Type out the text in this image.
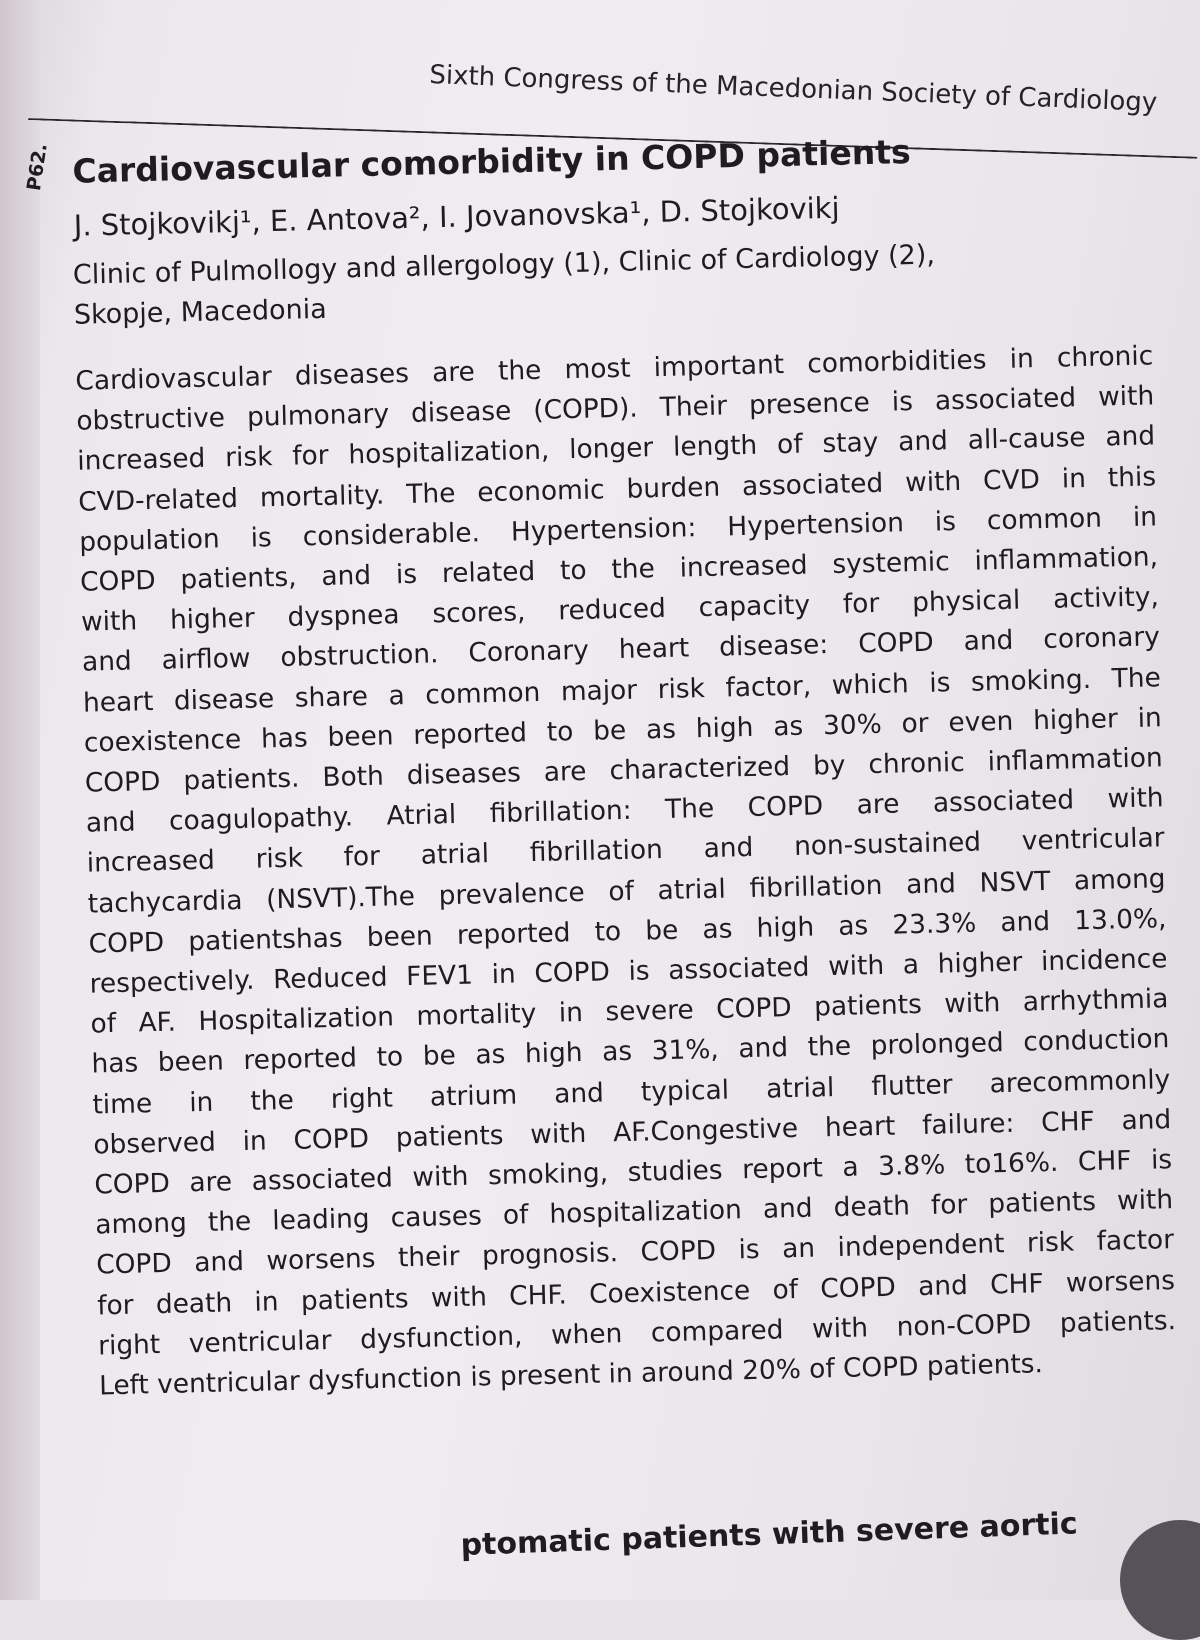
Sixth Congress of the Macedonian Society of Cardiology
P62. Cardiovascular comorbidity in COPD patients
J. Stojkovikj¹, E. Antova², I. Jovanovska¹, D. Stojkovikj
Clinic of Pulmollogy and allergology (1), Clinic of Cardiology (2),
Skopje, Macedonia
Cardiovascular diseases are the most important comorbidities in chronic
obstructive pulmonary disease (COPD). Their presence is associated with
increased risk for hospitalization, longer length of stay and all-cause and
CVD-related mortality. The economic burden associated with CVD in this
population is considerable. Hypertension: Hypertension is common in
COPD patients, and is related to the increased systemic inflammation,
with higher dyspnea scores, reduced capacity for physical activity,
and airflow obstruction. Coronary heart disease: COPD and coronary
heart disease share a common major risk factor, which is smoking. The
coexistence has been reported to be as high as 30% or even higher in
COPD patients. Both diseases are characterized by chronic inflammation
and coagulopathy. Atrial fibrillation: The COPD are associated with
increased risk for atrial fibrillation and non-sustained ventricular
tachycardia (NSVT).The prevalence of atrial fibrillation and NSVT among
COPD patientshas been reported to be as high as 23.3% and 13.0%,
respectively. Reduced FEV1 in COPD is associated with a higher incidence
of AF. Hospitalization mortality in severe COPD patients with arrhythmia
has been reported to be as high as 31%, and the prolonged conduction
time in the right atrium and typical atrial flutter arecommonly
observed in COPD patients with AF.Congestive heart failure: CHF and
COPD are associated with smoking, studies report a 3.8% to16%. CHF is
among the leading causes of hospitalization and death for patients with
COPD and worsens their prognosis. COPD is an independent risk factor
for death in patients with CHF. Coexistence of COPD and CHF worsens
right ventricular dysfunction, when compared with non-COPD patients.
Left ventricular dysfunction is present in around 20% of COPD patients.
ptomatic patients with severe aortic
